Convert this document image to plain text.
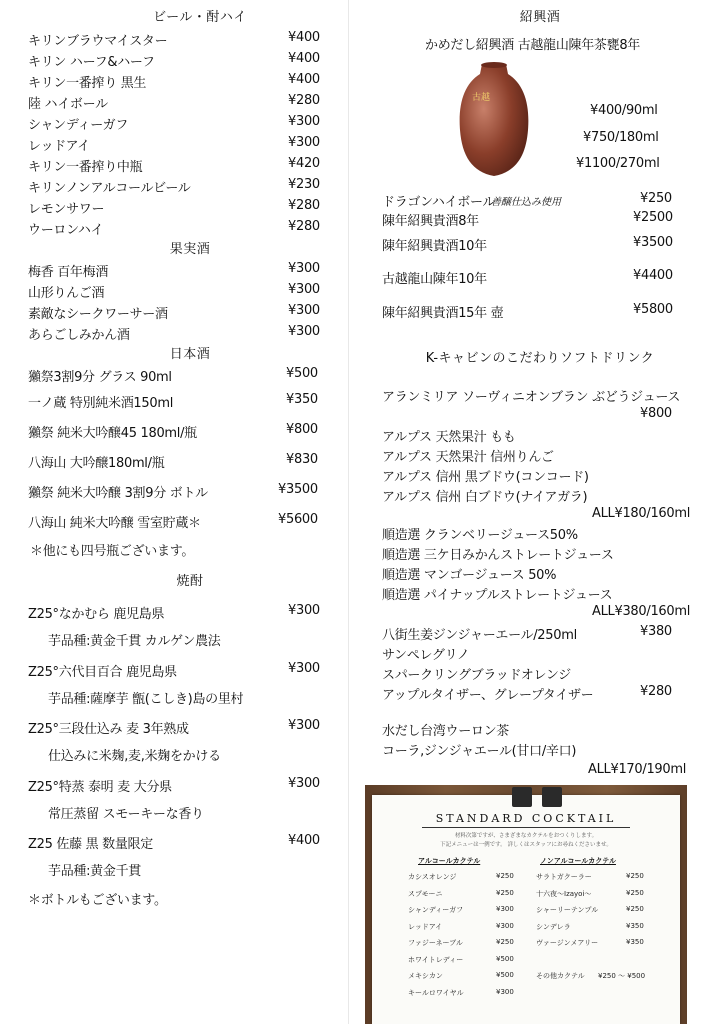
ビール・酎ハイ
キリンブラウマイスター	¥400
キリン ハーフ&ハーフ	¥400
キリン一番搾り 黒生	¥400
陸 ハイボール	¥280
シャンディーガフ	¥300
レッドアイ	¥300
キリン一番搾り中瓶	¥420
キリンノンアルコールビール	¥230
レモンサワー	¥280
ウーロンハイ	¥280
果実酒
梅香 百年梅酒	¥300
山形りんご酒	¥300
素敵なシークワーサー酒	¥300
あらごしみかん酒	¥300
日本酒
獺祭3割9分 グラス 90ml	¥500
一ノ蔵 特別純米酒150ml	¥350
獺祭 純米大吟醸45 180ml/瓶	¥800
八海山 大吟醸180ml/瓶	¥830
獺祭 純米大吟醸 3割9分 ボトル	¥3500
八海山 純米大吟醸 雪室貯蔵＊	¥5600
＊他にも四号瓶ございます。
焼酎
Z25°なかむら 鹿児島県	¥300
芋品種:黄金千貫 カルゲン農法
Z25°六代目百合 鹿児島県	¥300
芋品種:薩摩芋 甑(こしき)島の里村
Z25°三段仕込み 麦 3年熟成	¥300
仕込みに米麹,麦,米麹をかける
Z25°特蒸 泰明 麦 大分県	¥300
常圧蒸留 スモーキーな香り
Z25 佐藤 黒 数量限定	¥400
芋品種:黄金千貫
＊ボトルもございます。
紹興酒
かめだし紹興酒 古越龍山陳年茶甕8年
古越
¥400/90ml
¥750/180ml
¥1100/270ml
ドラゴンハイボール	¥250
善醸仕込み使用
陳年紹興貴酒8年	¥2500
陳年紹興貴酒10年	¥3500
古越龍山陳年10年	¥4400
陳年紹興貴酒15年 壺	¥5800
K-キャビンのこだわりソフトドリンク
アランミリア ソーヴィニオンブラン ぶどうジュース
¥800
アルプス 天然果汁 もも
アルプス 天然果汁 信州りんご
アルプス 信州 黒ブドウ(コンコード)
アルプス 信州 白ブドウ(ナイアガラ)
ALL¥180/160ml
順造選 クランベリージュース50%
順造選 三ケ日みかんストレートジュース
順造選 マンゴージュース 50%
順造選 パイナップルストレートジュース
ALL¥380/160ml
八街生姜ジンジャーエール/250ml	¥380
サンペレグリノ
スパークリングブラッドオレンジ
アップルタイザー、グレープタイザー	¥280
水だし台湾ウーロン茶
コーラ,ジンジャエール(甘口/辛口)
ALL¥170/190ml
STANDARD COCKTAIL
材料次第ですが、さまざまなカクテルをおつくりします。
下記メニューは一例です。 詳しくはスタッフにお尋ねくださいませ。
アルコールカクテル	ノンアルコールカクテル
カシスオレンジ	¥250
スプモーニ	¥250
シャンディーガフ	¥300
レッドアイ	¥300
ファジーネーブル	¥250
ホワイトレディー	¥500
メキシカン	¥500
キールロワイヤル	¥300
サラトガクーラー	¥250
十六夜～Izayoi～	¥250
シャーリーテンプル	¥250
シンデレラ	¥350
ヴァージンメアリー	¥350
その他カクテル ¥250 ～ ¥500
